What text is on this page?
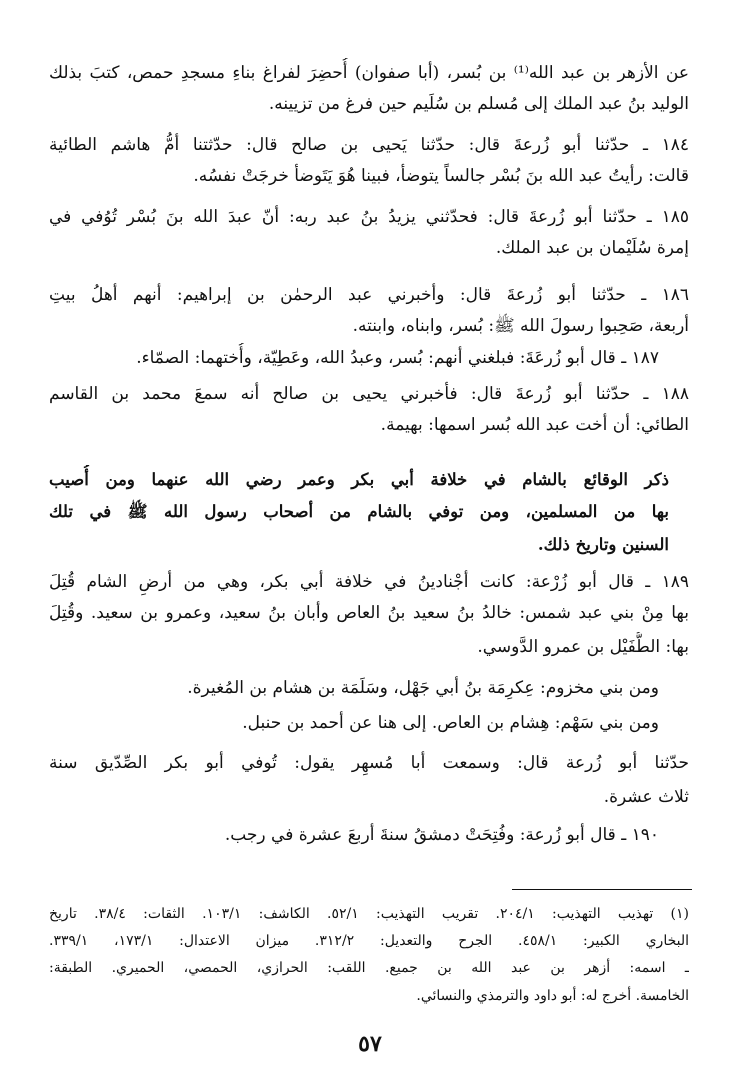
عن الأزهر بن عبد الله⁽¹⁾ بن بُسر، (أبا صفوان) أُحضِرَ لفراغ بناءِ مسجدِ حمص، كتبَ بذلك
الوليد بنُ عبد الملك إلى مُسلم بن سُلَيم حين فرغ من تزيينه.
١٨٤ ـ حدّثنا أبو زُرعةَ قال: حدّثنا يَحيى بن صالح قال: حدّثتنا أمُّ هاشم الطائية
قالت: رأيتُ عبد الله بنَ بُسْر جالساً يتوضأ، فبينا هُوَ يَتَوضأ خرجَتْ نفسُه.
١٨٥ ـ حدّثنا أبو زُرعةَ قال: فحدّثني يزيدُ بنُ عبد ربه: أنّ عبدَ الله بنَ بُسْر تُوُفي في
إمرة سُلَيْمان بن عبد الملك.
١٨٦ ـ حدّثنا أبو زُرعةَ قال: وأخبرني عبد الرحمٰن بن إبراهيم: أنهم أهلُ بيتِ
أربعة، صَحِبوا رسولَ الله ﷺ: بُسر، وابناه، وابنته.
١٨٧ ـ قال أبو زُرعَةَ: فبلغني أنهم: بُسر، وعبدُ الله، وعَطِيّة، وأُختهما: الصمّاء.
١٨٨ ـ حدّثنا أبو زُرعةَ قال: فأخبرني يحيى بن صالح أنه سمعَ محمد بن القاسم
الطائي: أن أخت عبد الله بُسر اسمها: بهيمة.
ذكر الوقائع بالشام في خلافة أبي بكر وعمر رضي الله عنهما ومن أُصيب
بها من المسلمين، ومن توفي بالشام من أصحاب رسول الله ﷺ في تلك
السنين وتاريخ ذلك.
١٨٩ ـ قال أبو زُرْعة: كانت أجْنادينُ في خلافة أبي بكر، وهي من أرضِ الشام قُتِلَ
بها مِنْ بني عبد شمس: خالدُ بنُ سعيد بنُ العاص وأبان بنُ سعيد، وعمرو بن سعيد. وقُتِلَ
بها: الطُّفَيْل بن عمرو الدَّوسي.
ومن بني مخزوم: عِكرِمَة بنُ أبي جَهْل، وسَلَمَة بن هشام بن المُغيرة.
ومن بني سَهْم: هِشام بن العاص. إلى هنا عن أحمد بن حنبل.
حدّثنا أبو زُرعة قال: وسمعت أبا مُسهِر يقول: تُوفي أبو بكر الصِّدّيق سنة
ثلاث عشرة.
١٩٠ ـ قال أبو زُرعة: وفُتِحَتْ دمشقُ سنةَ أربعَ عشرة في رجب.
(١) تهذيب التهذيب: ٢٠٤/١. تقريب التهذيب: ٥٢/١. الكاشف: ١٠٣/١. الثقات: ٣٨/٤. تاريخ
البخاري الكبير: ٤٥٨/١. الجرح والتعديل: ٣١٢/٢. ميزان الاعتدال: ١٧٣/١، ٣٣٩/١.
ـ اسمه: أزهر بن عبد الله بن جميع. اللقب: الحرازي، الحمصي، الحميري. الطبقة:
الخامسة. أخرج له: أبو داود والترمذي والنسائي.
٥٧
